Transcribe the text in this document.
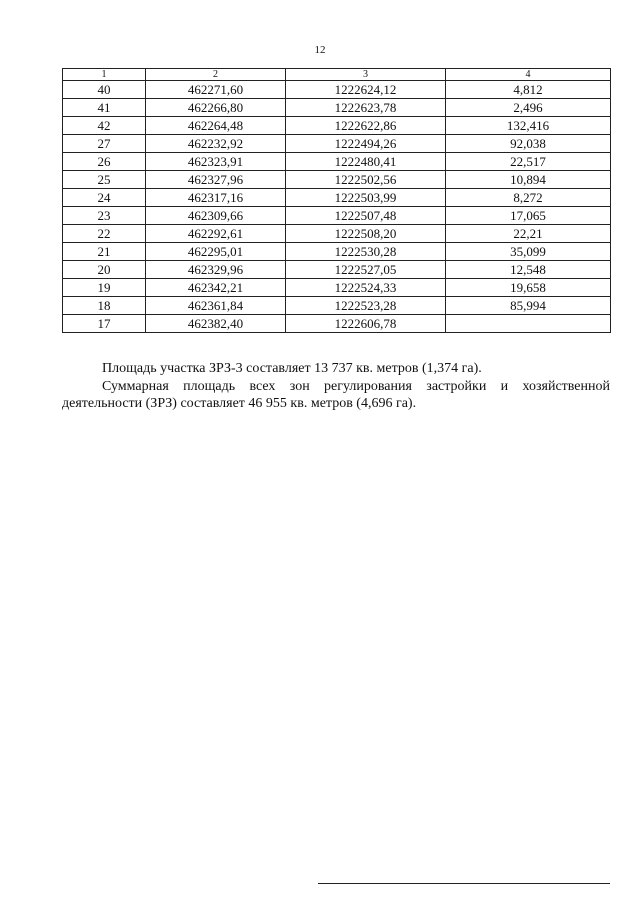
12
1	2	3	4
40	462271,60	1222624,12	4,812
41	462266,80	1222623,78	2,496
42	462264,48	1222622,86	132,416
27	462232,92	1222494,26	92,038
26	462323,91	1222480,41	22,517
25	462327,96	1222502,56	10,894
24	462317,16	1222503,99	8,272
23	462309,66	1222507,48	17,065
22	462292,61	1222508,20	22,21
21	462295,01	1222530,28	35,099
20	462329,96	1222527,05	12,548
19	462342,21	1222524,33	19,658
18	462361,84	1222523,28	85,994
17	462382,40	1222606,78	

Площадь участка ЗРЗ-3 составляет 13 737 кв. метров (1,374 га).

Суммарная площадь всех зон регулирования застройки и хозяйственной деятельности (ЗРЗ) составляет 46 955 кв. метров (4,696 га).
